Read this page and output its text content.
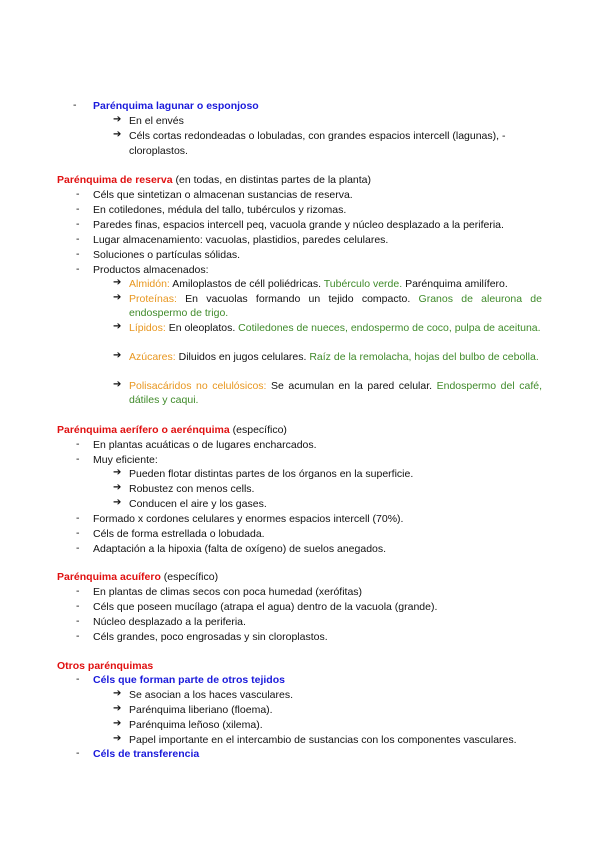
-	Parénquima lagunar o esponjoso
➔ En el envés
➔ Céls cortas redondeadas o lobuladas, con grandes espacios intercell (lagunas), -
cloroplastos.
Parénquima de reserva (en todas, en distintas partes de la planta)
-	Céls que sintetizan o almacenan sustancias de reserva.
-	En cotiledones, médula del tallo, tubérculos y rizomas.
-	Paredes finas, espacios intercell peq, vacuola grande y núcleo desplazado a la periferia.
-	Lugar almacenamiento: vacuolas, plastidios, paredes celulares.
-	Soluciones o partículas sólidas.
-	Productos almacenados:
➔ Almidón: Amiloplastos de céll poliédricas. Tubérculo verde. Parénquima amilífero.
➔ Proteínas: En vacuolas formando un tejido compacto. Granos de aleurona de endospermo de trigo.
➔ Lípidos: En oleoplatos. Cotiledones de nueces, endospermo de coco, pulpa de aceituna.
➔ Azúcares: Diluidos en jugos celulares. Raíz de la remolacha, hojas del bulbo de cebolla.
➔ Polisacáridos no celulósicos: Se acumulan en la pared celular. Endospermo del café, dátiles y caqui.
Parénquima aerífero o aerénquima (específico)
-	En plantas acuáticas o de lugares encharcados.
-	Muy eficiente:
➔ Pueden flotar distintas partes de los órganos en la superficie.
➔ Robustez con menos cells.
➔ Conducen el aire y los gases.
-	Formado x cordones celulares y enormes espacios intercell (70%).
-	Céls de forma estrellada o lobudada.
-	Adaptación a la hipoxia (falta de oxígeno) de suelos anegados.
Parénquima acuífero (específico)
-	En plantas de climas secos con poca humedad (xerófitas)
-	Céls que poseen mucílago (atrapa el agua) dentro de la vacuola (grande).
-	Núcleo desplazado a la periferia.
-	Céls grandes, poco engrosadas y sin cloroplastos.
Otros parénquimas
-	Céls que forman parte de otros tejidos
➔ Se asocian a los haces vasculares.
➔ Parénquima liberiano (floema).
➔ Parénquima leñoso (xilema).
➔ Papel importante en el intercambio de sustancias con los componentes vasculares.
-	Céls de transferencia
